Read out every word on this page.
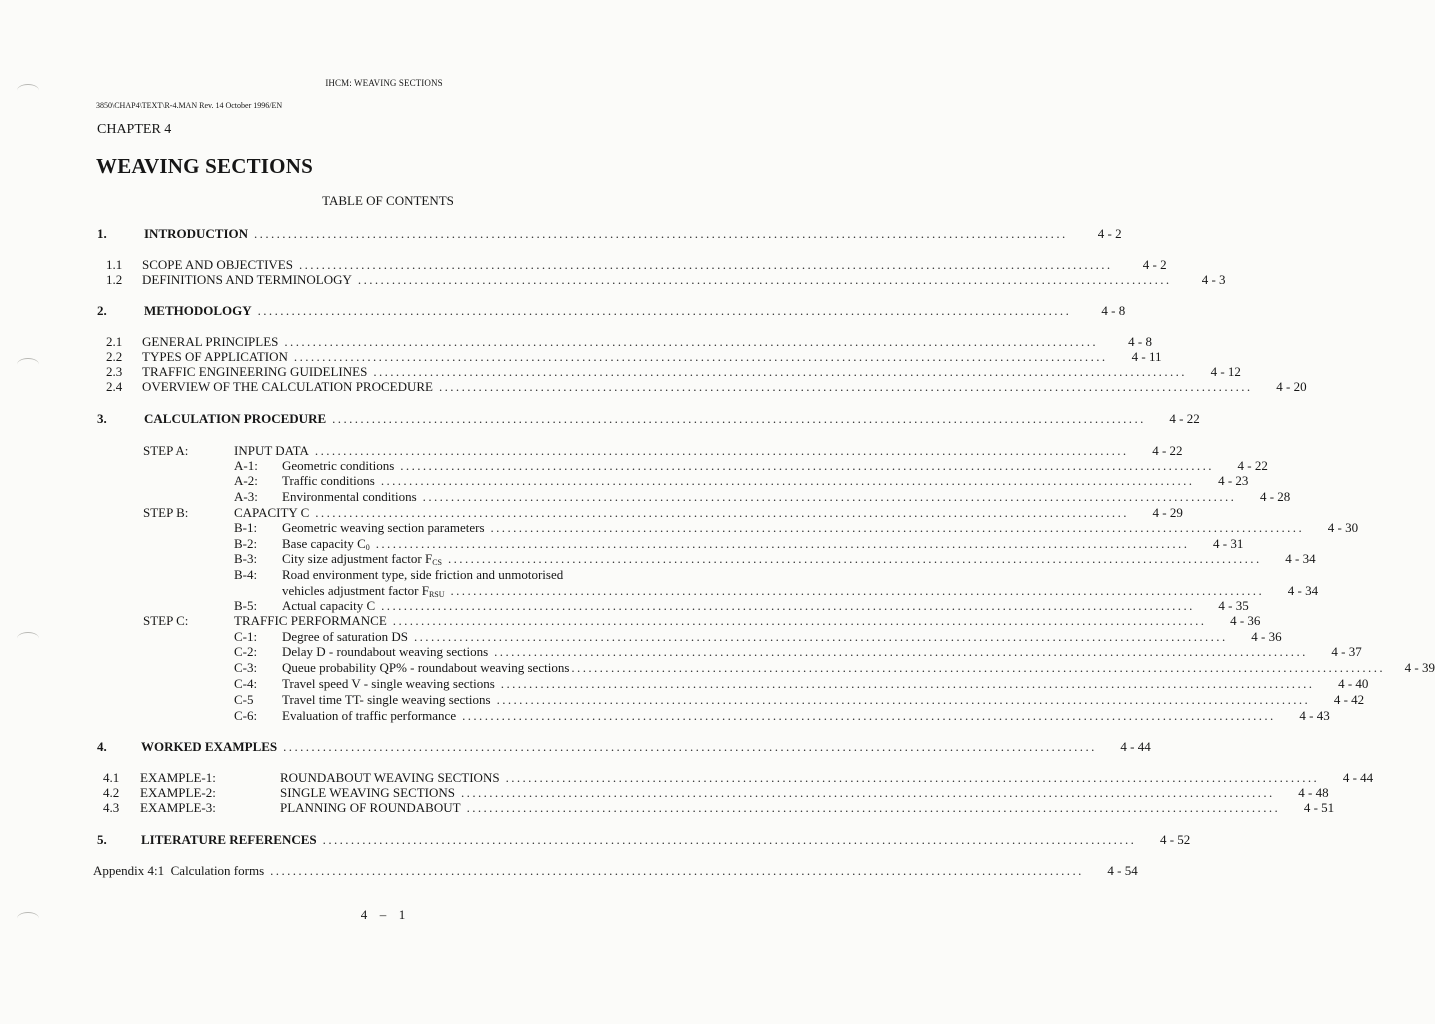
IHCM: WEAVING SECTIONS
3850\CHAP4\TEXT\R-4.MAN Rev. 14 October 1996/EN
CHAPTER 4
WEAVING SECTIONS
TABLE OF CONTENTS
1.	INTRODUCTION ................................................................................................................................................	4 - 2
1.1 SCOPE AND OBJECTIVES ................................................................................................................................................	4 - 2
1.2 DEFINITIONS AND TERMINOLOGY ................................................................................................................................................	4 - 3
2.	METHODOLOGY ................................................................................................................................................	4 - 8
2.1 GENERAL PRINCIPLES ................................................................................................................................................	4 - 8
2.2 TYPES OF APPLICATION ................................................................................................................................................	4 - 11
2.3 TRAFFIC ENGINEERING GUIDELINES ................................................................................................................................................	4 - 12
2.4 OVERVIEW OF THE CALCULATION PROCEDURE ................................................................................................................................................	4 - 20
3.	CALCULATION PROCEDURE ................................................................................................................................................	4 - 22
STEP A:	INPUT DATA ................................................................................................................................................	4 - 22
A-1: Geometric conditions ................................................................................................................................................	4 - 22
A-2: Traffic conditions ................................................................................................................................................	4 - 23
A-3: Environmental conditions ................................................................................................................................................	4 - 28
STEP B:	CAPACITY C ................................................................................................................................................	4 - 29
B-1: Geometric weaving section parameters ................................................................................................................................................	4 - 30
B-2: Base capacity $C_0$ ................................................................................................................................................	4 - 31
B-3: City size adjustment factor $F_{CS}$ ................................................................................................................................................	4 - 34
B-4: Road environment type, side friction and unmotorised
vehicles adjustment factor $F_{RSU}$ ................................................................................................................................................	4 - 34
B-5: Actual capacity C ................................................................................................................................................	4 - 35
STEP C:	TRAFFIC PERFORMANCE ................................................................................................................................................	4 - 36
C-1: Degree of saturation DS ................................................................................................................................................	4 - 36
C-2: Delay D - roundabout weaving sections ................................................................................................................................................	4 - 37
C-3: Queue probability QP% - roundabout weaving sections ................................................................................................................................................	4 - 39
C-4: Travel speed V - single weaving sections ................................................................................................................................................	4 - 40
C-5 Travel time TT- single weaving sections ................................................................................................................................................	4 - 42
C-6: Evaluation of traffic performance ................................................................................................................................................	4 - 43
4.	WORKED EXAMPLES ................................................................................................................................................	4 - 44
4.1 EXAMPLE-1:	ROUNDABOUT WEAVING SECTIONS ................................................................................................................................................	4 - 44
4.2 EXAMPLE-2:	SINGLE WEAVING SECTIONS ................................................................................................................................................	4 - 48
4.3 EXAMPLE-3:	PLANNING OF ROUNDABOUT ................................................................................................................................................	4 - 51
5.	LITERATURE REFERENCES ................................................................................................................................................	4 - 52
Appendix 4:1  Calculation forms ................................................................................................................................................	4 - 54
4  –  1
